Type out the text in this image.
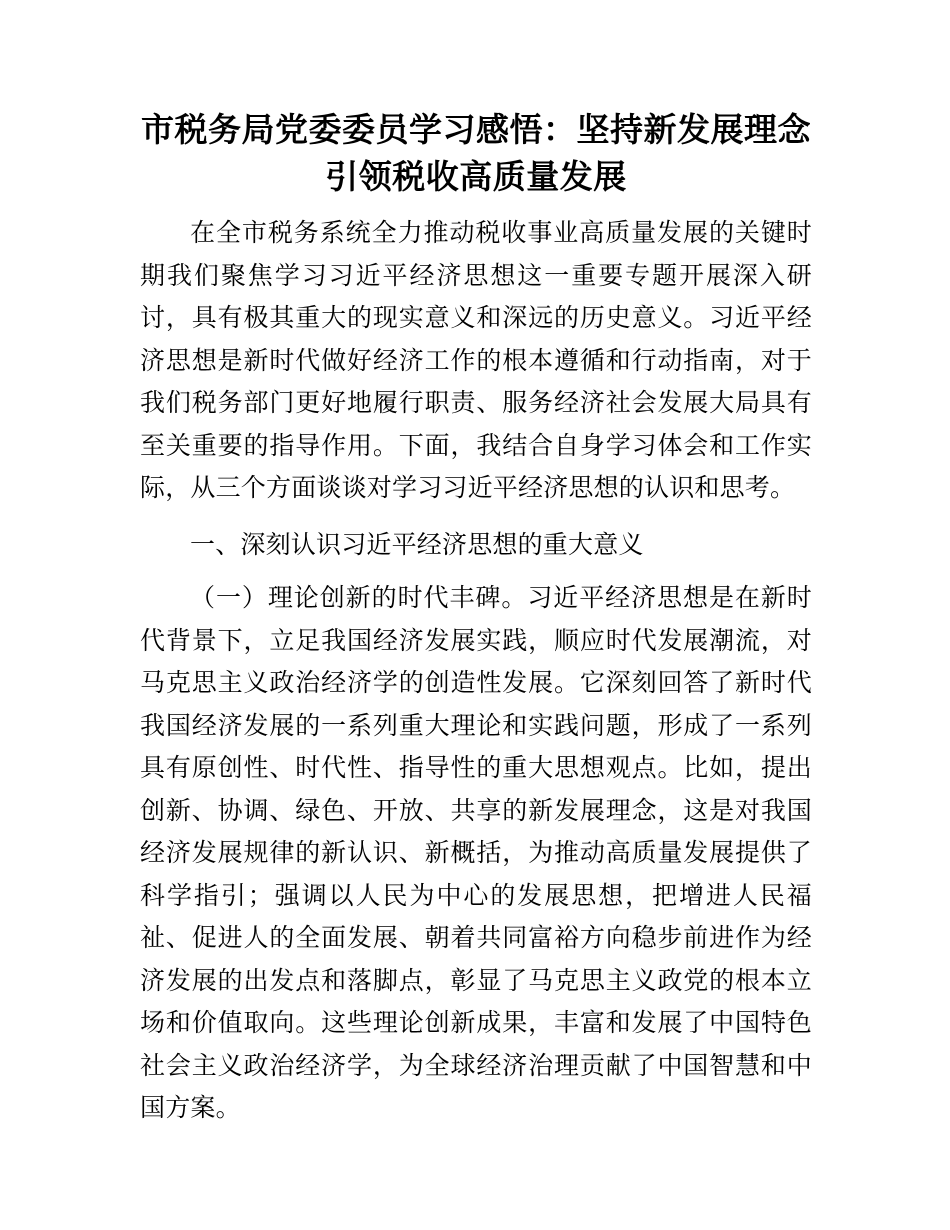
市税务局党委委员学习感悟：坚持新发展理念
引领税收高质量发展

在全市税务系统全力推动税收事业高质量发展的关键时期我们聚焦学习习近平经济思想这一重要专题开展深入研讨，具有极其重大的现实意义和深远的历史意义。习近平经济思想是新时代做好经济工作的根本遵循和行动指南，对于我们税务部门更好地履行职责、服务经济社会发展大局具有至关重要的指导作用。下面，我结合自身学习体会和工作实际，从三个方面谈谈对学习习近平经济思想的认识和思考。

一、深刻认识习近平经济思想的重大意义

（一）理论创新的时代丰碑。习近平经济思想是在新时代背景下，立足我国经济发展实践，顺应时代发展潮流，对马克思主义政治经济学的创造性发展。它深刻回答了新时代我国经济发展的一系列重大理论和实践问题，形成了一系列具有原创性、时代性、指导性的重大思想观点。比如，提出创新、协调、绿色、开放、共享的新发展理念，这是对我国经济发展规律的新认识、新概括，为推动高质量发展提供了科学指引；强调以人民为中心的发展思想，把增进人民福祉、促进人的全面发展、朝着共同富裕方向稳步前进作为经济发展的出发点和落脚点，彰显了马克思主义政党的根本立场和价值取向。这些理论创新成果，丰富和发展了中国特色社会主义政治经济学，为全球经济治理贡献了中国智慧和中国方案。
